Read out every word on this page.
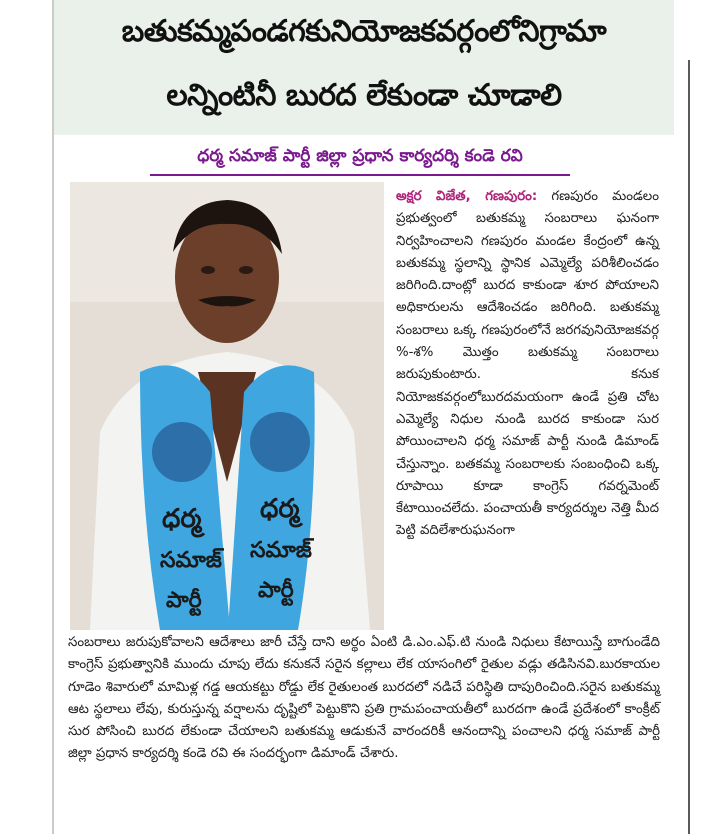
బతుకమ్మపండగకునియోజకవర్గంలోనిగ్రామా
లన్నింటినీ బురద లేకుండా చూడాలి
ధర్మ సమాజ్ పార్టీ జిల్లా ప్రధాన కార్యదర్శి కండె రవి
ధర్మ
సమాజ్
పార్టీ
ధర్మ
సమాజ్
పార్టీ

అక్షర విజేత, గణపురం: గణపురం మండలం ప్రభుత్వంలో బతుకమ్మ సంబరాలు ఘనంగా నిర్వహించాలని గణపురం మండల కేంద్రంలో ఉన్న బతుకమ్మ స్థలాన్ని స్థానిక ఎమ్మెల్యే పరిశీలించడం జరిగింది.దాంట్లో బురద కాకుండా శూర పోయాలని అధికారులను ఆదేశించడం జరిగింది. బతుకమ్మ సంబరాలు ఒక్క గణపురంలోనే జరగవునియోజకవర్గ %-శ% మొత్తం బతుకమ్మ సంబరాలు జరుపుకుంటారు. కనుక నియోజకవర్గంలోబురదమయంగా ఉండే ప్రతి చోట ఎమ్మెల్యే నిధుల నుండి బురద కాకుండా సుర పోయించాలని ధర్మ సమాజ్ పార్టీ నుండి డిమాండ్ చేస్తున్నాం. బతకమ్మ సంబరాలకు సంబంధించి ఒక్క రూపాయి కూడా కాంగ్రెస్ గవర్నమెంట్ కేటాయించలేదు. పంచాయతీ కార్యదర్శుల నెత్తి మీద పెట్టి వదిలేశారుఘనంగా

సంబరాలు జరుపుకోవాలని ఆదేశాలు జారీ చేస్తే దాని అర్థం ఏంటి డి.ఎం.ఎఫ్.టి నుండి నిధులు కేటాయిస్తే బాగుండేది కాంగ్రెస్ ప్రభుత్వానికి ముందు చూపు లేదు కనుకనే సరైన కల్లాలు లేక యాసంగిలో రైతుల వడ్లు తడిసినవి.బురకాయల గూడెం శివారులో మామిళ్ల గడ్డ ఆయకట్టు రోడ్డు లేక రైతులంత బురదలో నడిచే పరిస్థితి దాపురించింది.సరైన బతుకమ్మ ఆట స్థలాలు లేవు, కురుస్తున్న వర్షాలను దృష్టిలో పెట్టుకొని ప్రతి గ్రామపంచాయతీలో బురదగా ఉండే ప్రదేశంలో కాంక్రీట్ సుర పోసించి బురద లేకుండా చేయాలని బతుకమ్మ ఆడుకునే వారందరికీ ఆనందాన్ని పంచాలని ధర్మ సమాజ్ పార్టీ జిల్లా ప్రధాన కార్యదర్శి కండె రవి ఈ సందర్భంగా డిమాండ్ చేశారు.
